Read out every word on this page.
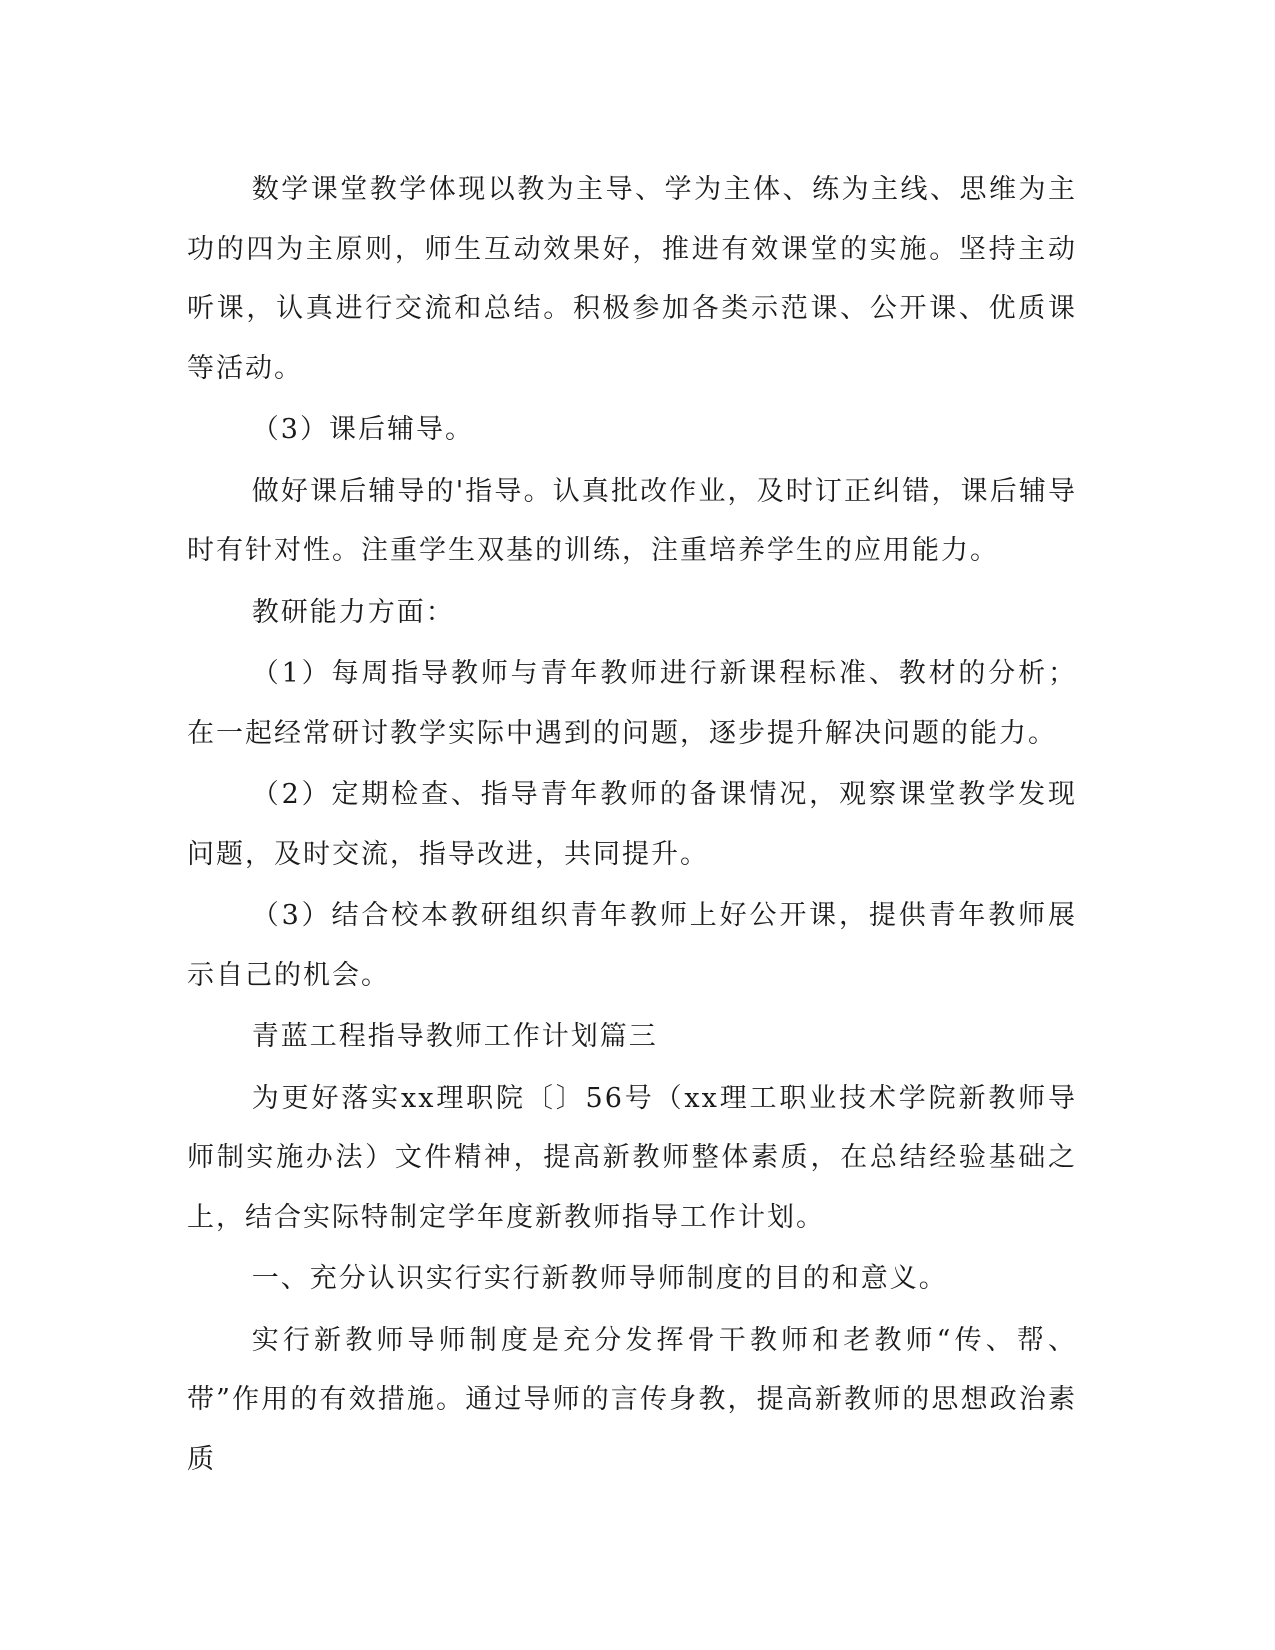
数学课堂教学体现以教为主导、学为主体、练为主线、思维为主功的四为主原则，师生互动效果好，推进有效课堂的实施。坚持主动听课，认真进行交流和总结。积极参加各类示范课、公开课、优质课等活动。

（3）课后辅导。

做好课后辅导的'指导。认真批改作业，及时订正纠错，课后辅导时有针对性。注重学生双基的训练，注重培养学生的应用能力。

教研能力方面：

（1）每周指导教师与青年教师进行新课程标准、教材的分析；在一起经常研讨教学实际中遇到的问题，逐步提升解决问题的能力。

（2）定期检查、指导青年教师的备课情况，观察课堂教学发现问题，及时交流，指导改进，共同提升。

（3）结合校本教研组织青年教师上好公开课，提供青年教师展示自己的机会。

青蓝工程指导教师工作计划篇三

为更好落实xx理职院〔〕56号（xx理工职业技术学院新教师导师制实施办法）文件精神，提高新教师整体素质，在总结经验基础之上，结合实际特制定学年度新教师指导工作计划。

一、充分认识实行实行新教师导师制度的目的和意义。

实行新教师导师制度是充分发挥骨干教师和老教师“传、帮、带”作用的有效措施。通过导师的言传身教，提高新教师的思想政治素质
